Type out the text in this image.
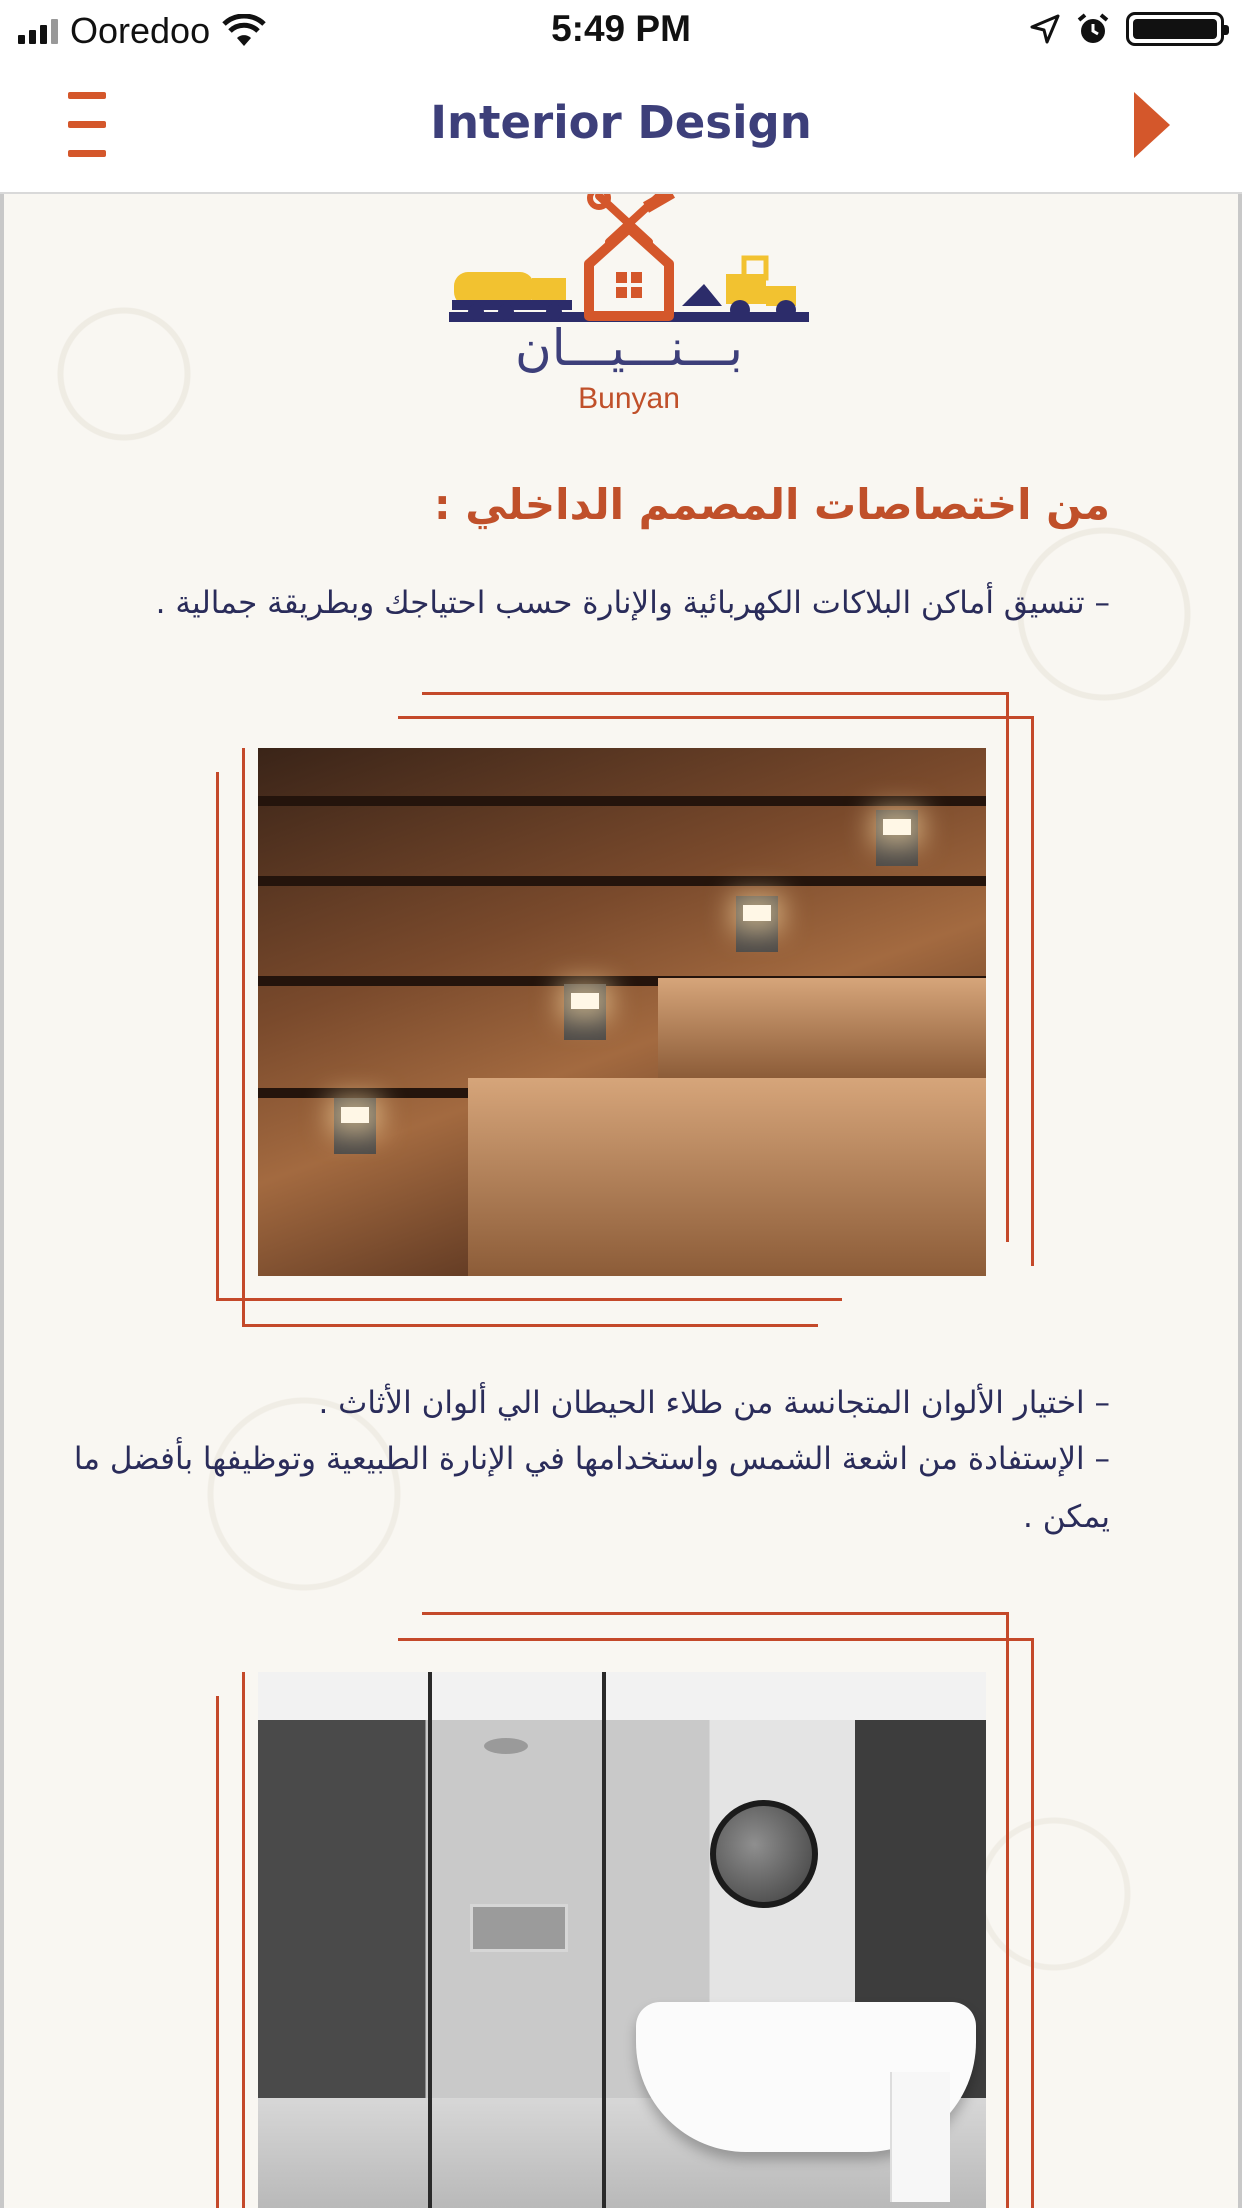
Ooredoo	5:49 PM
Interior Design
بـــنـــيـــان
Bunyan
من اختصاصات المصمم الداخلي :
– تنسيق أماكن البلاكات الكهربائية والإنارة حسب احتياجك وبطريقة جمالية .
– اختيار الألوان المتجانسة من طلاء الحيطان الي ألوان الأثاث .
– الإستفادة من اشعة الشمس واستخدامها في الإنارة الطبيعية وتوظيفها بأفضل ما يمكن .
